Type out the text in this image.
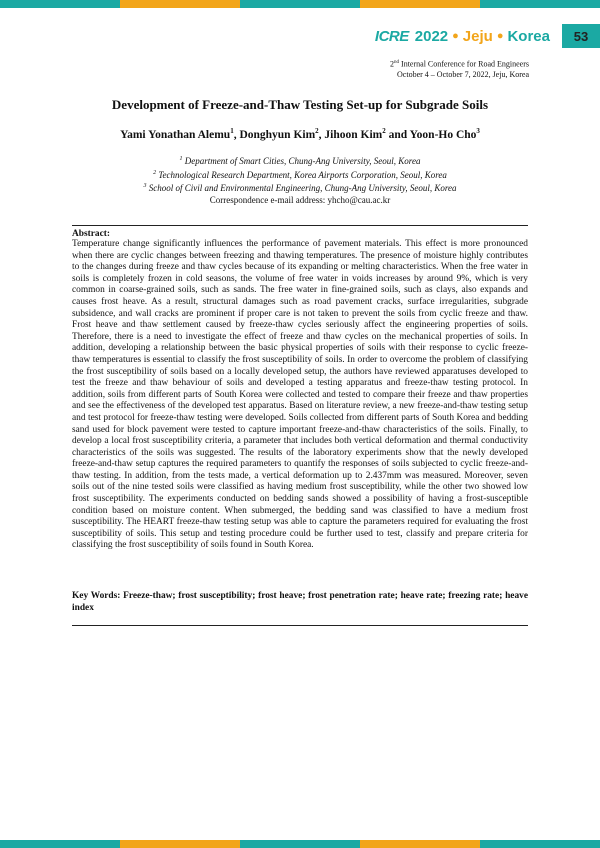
ICRE 2022 ● Jeju ● Korea	53
2nd Internal Conference for Road Engineers
October 4 – October 7, 2022, Jeju, Korea
Development of Freeze-and-Thaw Testing Set-up for Subgrade Soils
Yami Yonathan Alemu$^1$, Donghyun Kim$^2$, Jihoon Kim$^2$ and Yoon-Ho Cho$^3$
$^1$ Department of Smart Cities, Chung-Ang University, Seoul, Korea
$^2$ Technological Research Department, Korea Airports Corporation, Seoul, Korea
$^3$ School of Civil and Environmental Engineering, Chung-Ang University, Seoul, Korea
Correspondence e-mail address: yhcho@cau.ac.kr
Abstract:
Temperature change significantly influences the performance of pavement materials. This effect is more pronounced when there are cyclic changes between freezing and thawing temperatures. The presence of moisture highly contributes to the changes during freeze and thaw cycles because of its expanding or melting characteristics. When the free water in soils is completely frozen in cold seasons, the volume of free water in voids increases by around 9%, which is very common in coarse-grained soils, such as sands. The free water in fine-grained soils, such as clays, also expands and causes frost heave. As a result, structural damages such as road pavement cracks, surface irregularities, subgrade subsidence, and wall cracks are prominent if proper care is not taken to prevent the soils from cyclic freeze and thaw. Frost heave and thaw settlement caused by freeze-thaw cycles seriously affect the engineering properties of soils. Therefore, there is a need to investigate the effect of freeze and thaw cycles on the mechanical properties of soils. In addition, developing a relationship between the basic physical properties of soils with their response to cyclic freeze-thaw temperatures is essential to classify the frost susceptibility of soils. In order to overcome the problem of classifying the frost susceptibility of soils based on a locally developed setup, the authors have reviewed apparatuses developed to test the freeze and thaw behaviour of soils and developed a testing apparatus and freeze-thaw testing protocol. In addition, soils from different parts of South Korea were collected and tested to compare their freeze and thaw properties and see the effectiveness of the developed test apparatus. Based on literature review, a new freeze-and-thaw testing setup and test protocol for freeze-thaw testing were developed. Soils collected from different parts of South Korea and bedding sand used for block pavement were tested to capture important freeze-and-thaw characteristics of the soils. Finally, to develop a local frost susceptibility criteria, a parameter that includes both vertical deformation and thermal conductivity characteristics of the soils was suggested. The results of the laboratory experiments show that the newly developed freeze-and-thaw setup captures the required parameters to quantify the responses of soils subjected to cyclic freeze-and-thaw testing. In addition, from the tests made, a vertical deformation up to 2.437mm was measured. Moreover, seven soils out of the nine tested soils were classified as having medium frost susceptibility, while the other two showed low frost susceptibility. The experiments conducted on bedding sands showed a possibility of having a frost-susceptible condition based on moisture content. When submerged, the bedding sand was classified to have a medium frost susceptibility. The HEART freeze-thaw testing setup was able to capture the parameters required for evaluating the frost susceptibility of soils. This setup and testing procedure could be further used to test, classify and prepare criteria for classifying the frost susceptibility of soils found in South Korea.
Key Words: Freeze-thaw; frost susceptibility; frost heave; frost penetration rate; heave rate; freezing rate; heave index
